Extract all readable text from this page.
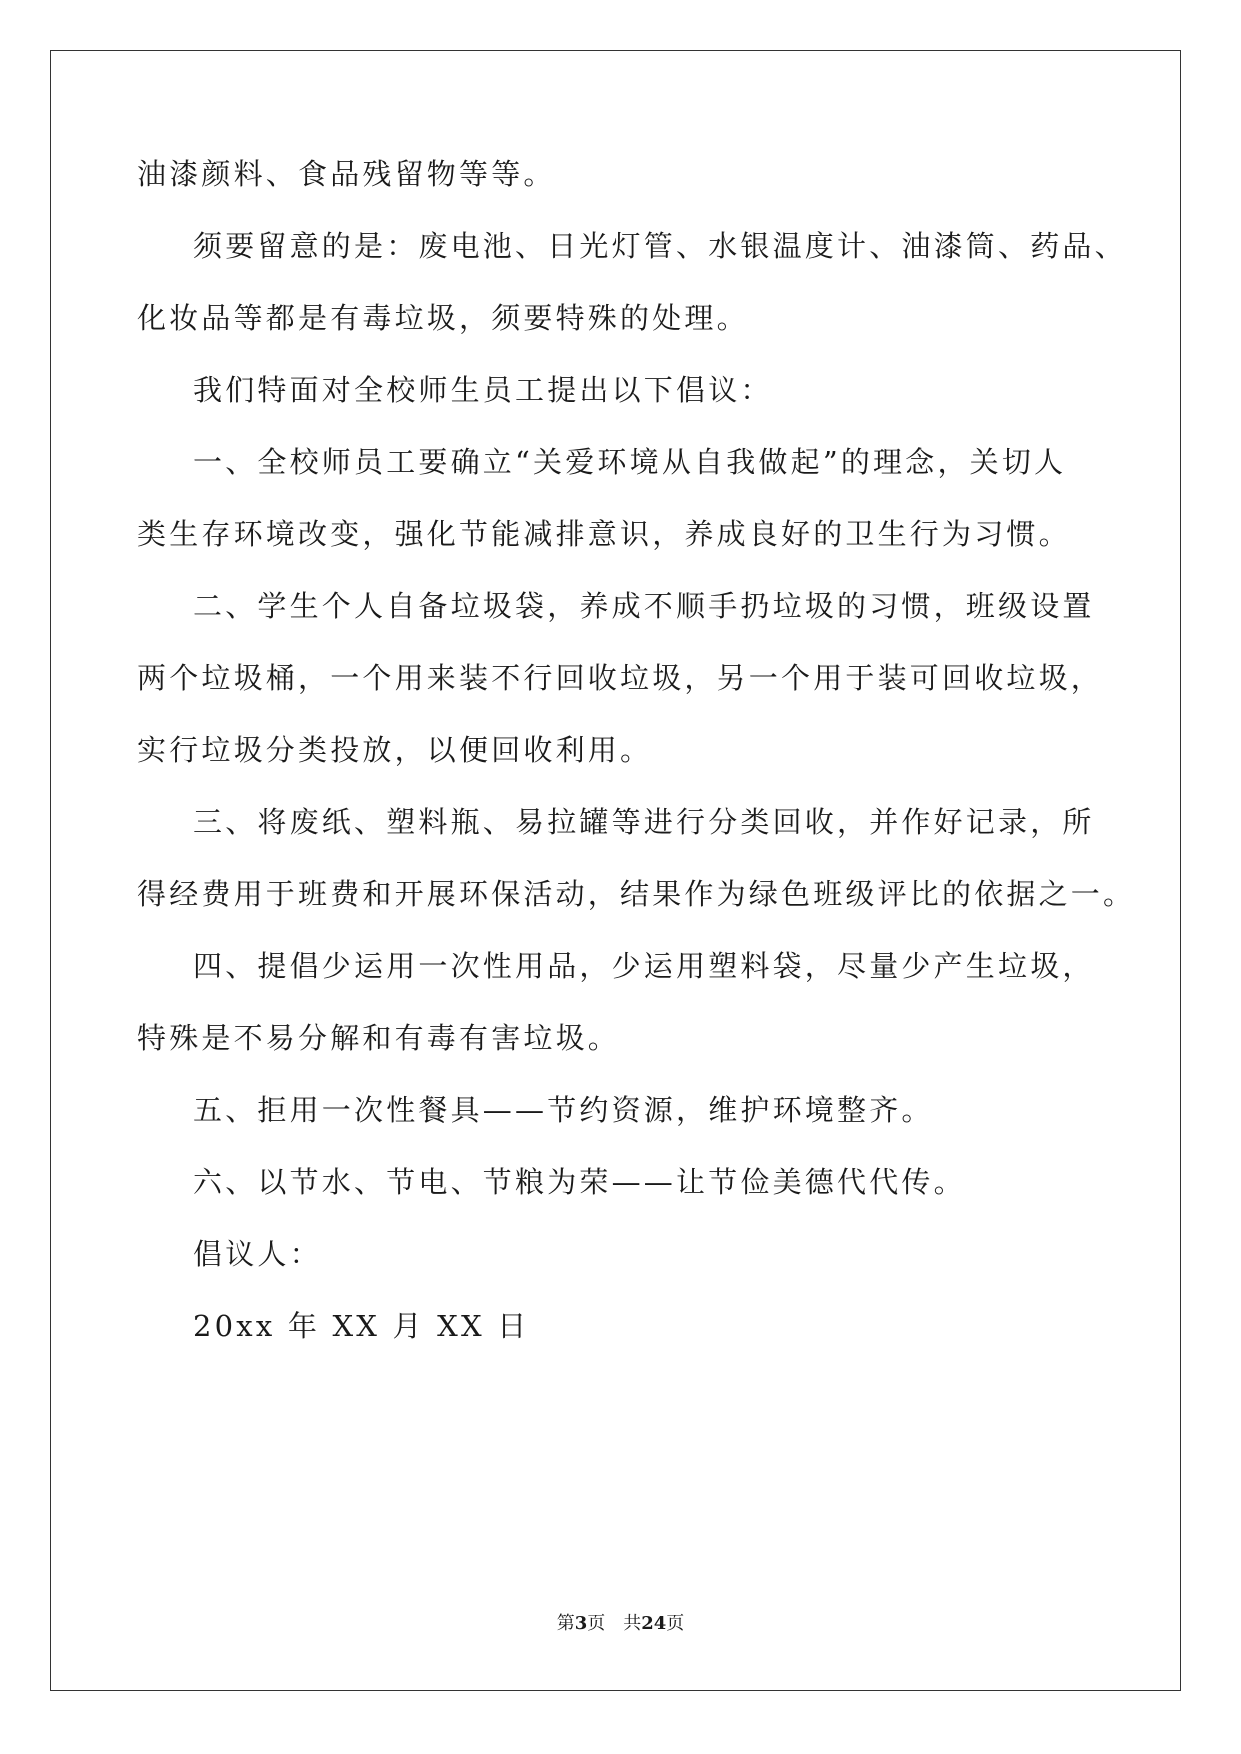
油漆颜料、食品残留物等等。
须要留意的是：废电池、日光灯管、水银温度计、油漆筒、药品、
化妆品等都是有毒垃圾，须要特殊的处理。
我们特面对全校师生员工提出以下倡议：
一、全校师员工要确立“关爱环境从自我做起”的理念，关切人
类生存环境改变，强化节能减排意识，养成良好的卫生行为习惯。
二、学生个人自备垃圾袋，养成不顺手扔垃圾的习惯，班级设置
两个垃圾桶，一个用来装不行回收垃圾，另一个用于装可回收垃圾，
实行垃圾分类投放，以便回收利用。
三、将废纸、塑料瓶、易拉罐等进行分类回收，并作好记录，所
得经费用于班费和开展环保活动，结果作为绿色班级评比的依据之一。
四、提倡少运用一次性用品，少运用塑料袋，尽量少产生垃圾，
特殊是不易分解和有毒有害垃圾。
五、拒用一次性餐具——节约资源，维护环境整齐。
六、以节水、节电、节粮为荣——让节俭美德代代传。
倡议人：
20xx 年 XX 月 XX 日
第3页 共24页
